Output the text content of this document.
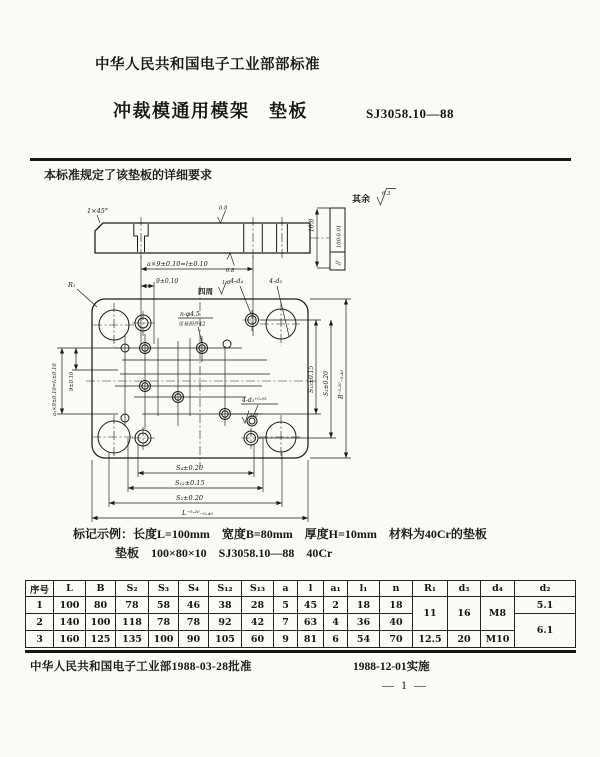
中华人民共和国电子工业部部标准
冲裁模通用模架　垫板	SJ3058.10—88
本标准规定了该垫板的详细要求
1×45°	0.8
0.8
10.8
//
100:0.01
其余 6.3
a×9±0.10=l±0.10
9±0.10
四周
1.6
a₁×9±0.10=l₁±0.10 9±0.10	S₁₃±0.15 S₃±0.20 B⁻⁰·²⁰₋₀.₄₀
S₄±0.20
S₁₂±0.15
S₂±0.20
L⁻⁰·²⁰₋₀.₄₀
R₁	4-d₄	4-d₂
n-φ4.5
见易损件42
4-d₃⁺⁰·⁰⁵
1.6
标记示例：长度L=100mm　宽度B=80mm　厚度H=10mm　材料为40Cr的垫板
垫板　100×80×10　SJ3058.10—88　40Cr
序号	L	B	S₂	S₃	S₄	S₁₂	S₁₃	a	l	a₁	l₁	n	R₁	d₃	d₄	d₂
1	100	80	78	58	46	38	28	5	45	2	18	18	11	16	M8	5.1
2	140	100	118	78	78	92	42	7	63	4	36	40				6.1
3	160	125	135	100	90	105	60	9	81	6	54	70	12.5	20	M10	
中华人民共和国电子工业部1988-03-28批准	1988-12-01实施
— 1 —
